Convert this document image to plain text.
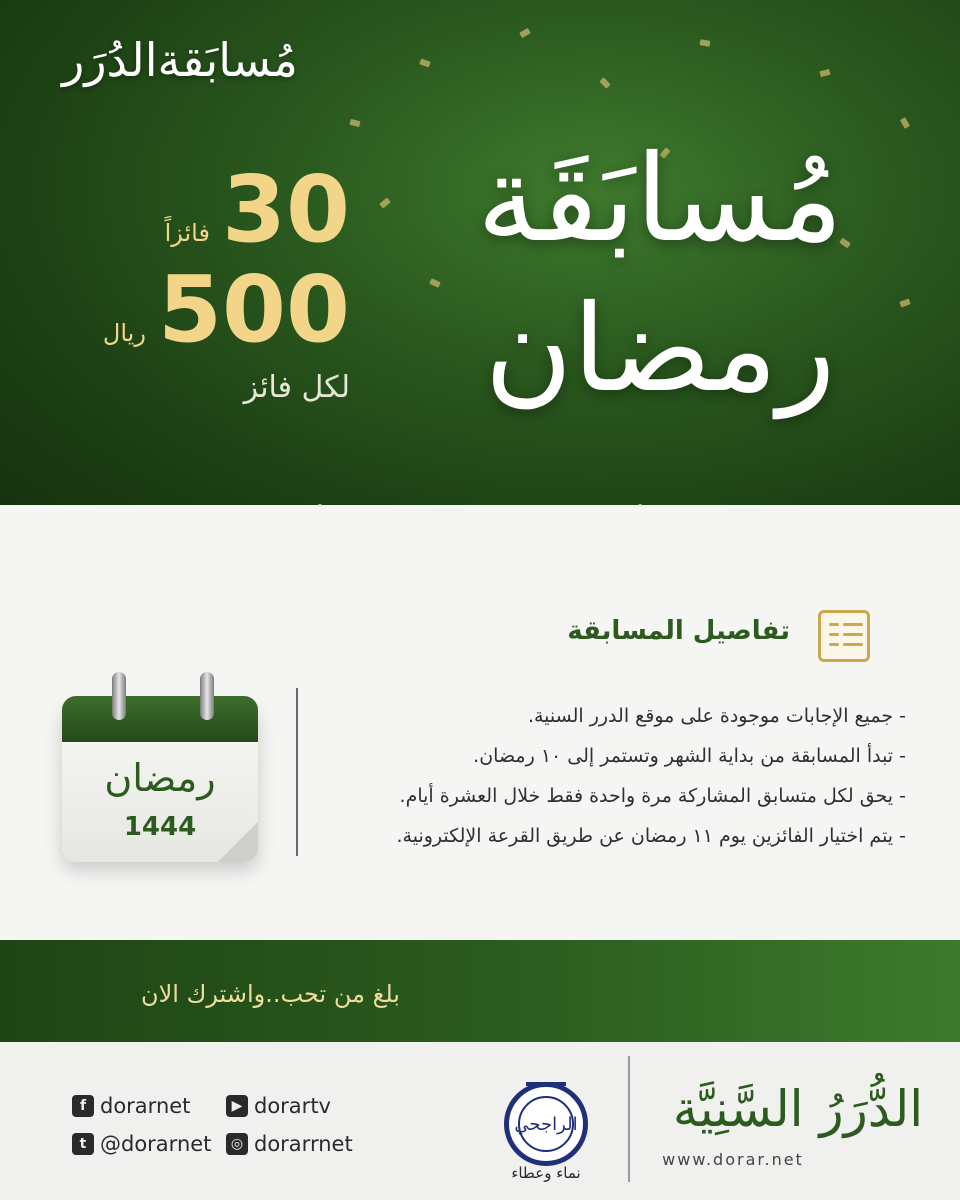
مُسابَقةالدُرَر
مُسابَقَة
رمضان
فائزاً 30
ريال 500
لكل فائز
تفاصيل المسابقة
- جميع الإجابات موجودة على موقع الدرر السنية.
- تبدأ المسابقة من بداية الشهر وتستمر إلى ١٠ رمضان.
- يحق لكل متسابق المشاركة مرة واحدة فقط خلال العشرة أيام.
- يتم اختيار الفائزين يوم ١١ رمضان عن طريق القرعة الإلكترونية.
رمضان
1444
بلغ من تحب..واشترك الان
f dorarnet	▶ dorartv
t @dorarnet	◎ dorarrnet
الراجحي
نماء وعطاء
الدُّرَرُ السَّنِيَّة
www.dorar.net
